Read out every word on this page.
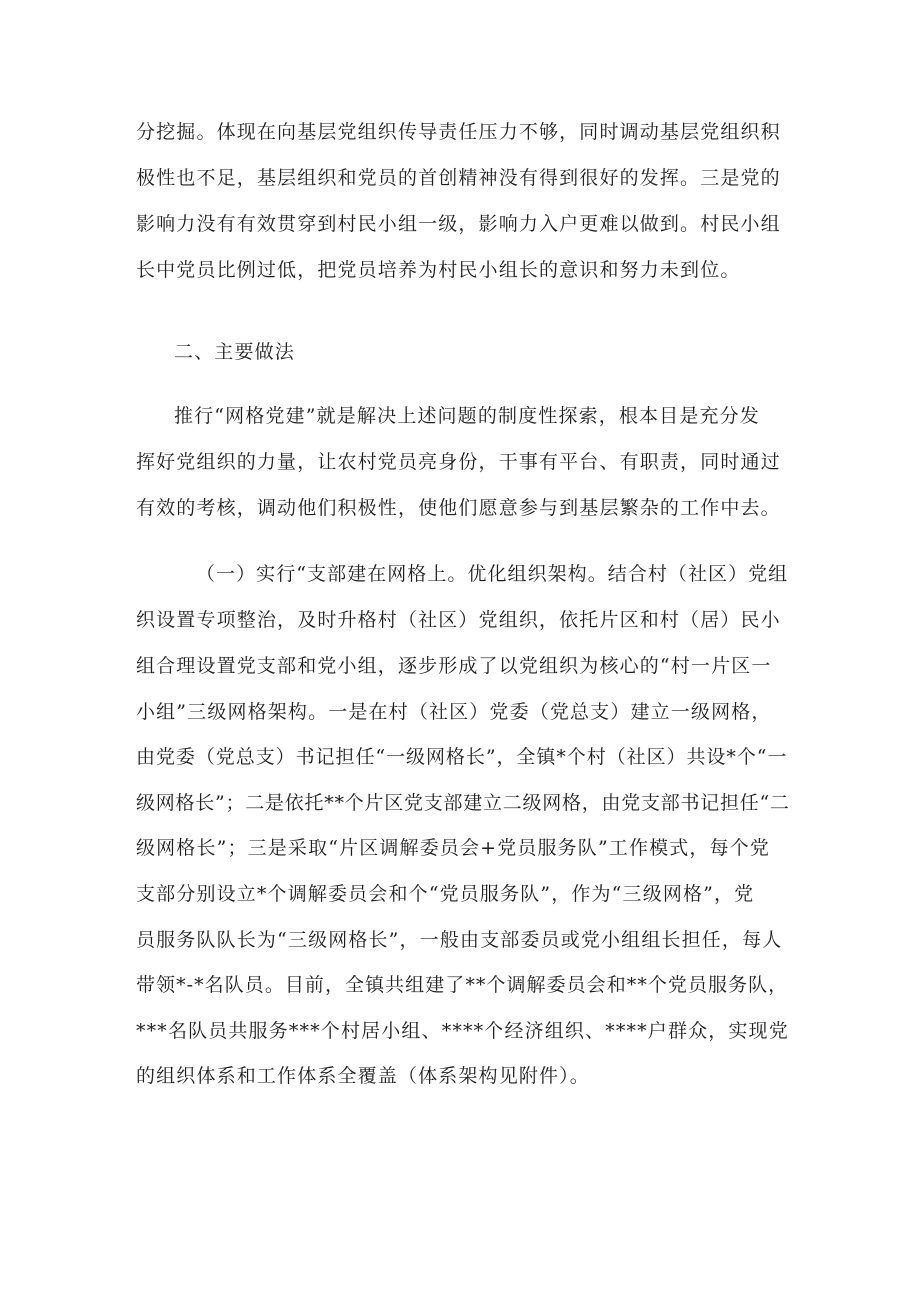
分挖掘。体现在向基层党组织传导责任压力不够，同时调动基层党组织积

极性也不足，基层组织和党员的首创精神没有得到很好的发挥。三是党的

影响力没有有效贯穿到村民小组一级，影响力入户更难以做到。村民小组

长中党员比例过低，把党员培养为村民小组长的意识和努力未到位。

二、主要做法

推行“网格党建”就是解决上述问题的制度性探索，根本目是充分发

挥好党组织的力量，让农村党员亮身份，干事有平台、有职责，同时通过

有效的考核，调动他们积极性，使他们愿意参与到基层繁杂的工作中去。

（一）实行“支部建在网格上。优化组织架构。结合村（社区）党组

织设置专项整治，及时升格村（社区）党组织，依托片区和村（居）民小

组合理设置党支部和党小组，逐步形成了以党组织为核心的“村一片区一

小组”三级网格架构。一是在村（社区）党委（党总支）建立一级网格，

由党委（党总支）书记担任“一级网格长”，全镇*个村（社区）共设*个“一

级网格长”；二是依托**个片区党支部建立二级网格，由党支部书记担任“二

级网格长”；三是采取“片区调解委员会+党员服务队”工作模式，每个党

支部分别设立*个调解委员会和个“党员服务队”，作为“三级网格”，党

员服务队队长为“三级网格长”，一般由支部委员或党小组组长担任，每人

带领*-*名队员。目前，全镇共组建了**个调解委员会和**个党员服务队，

***名队员共服务***个村居小组、****个经济组织、****户群众，实现党

的组织体系和工作体系全覆盖（体系架构见附件）。
